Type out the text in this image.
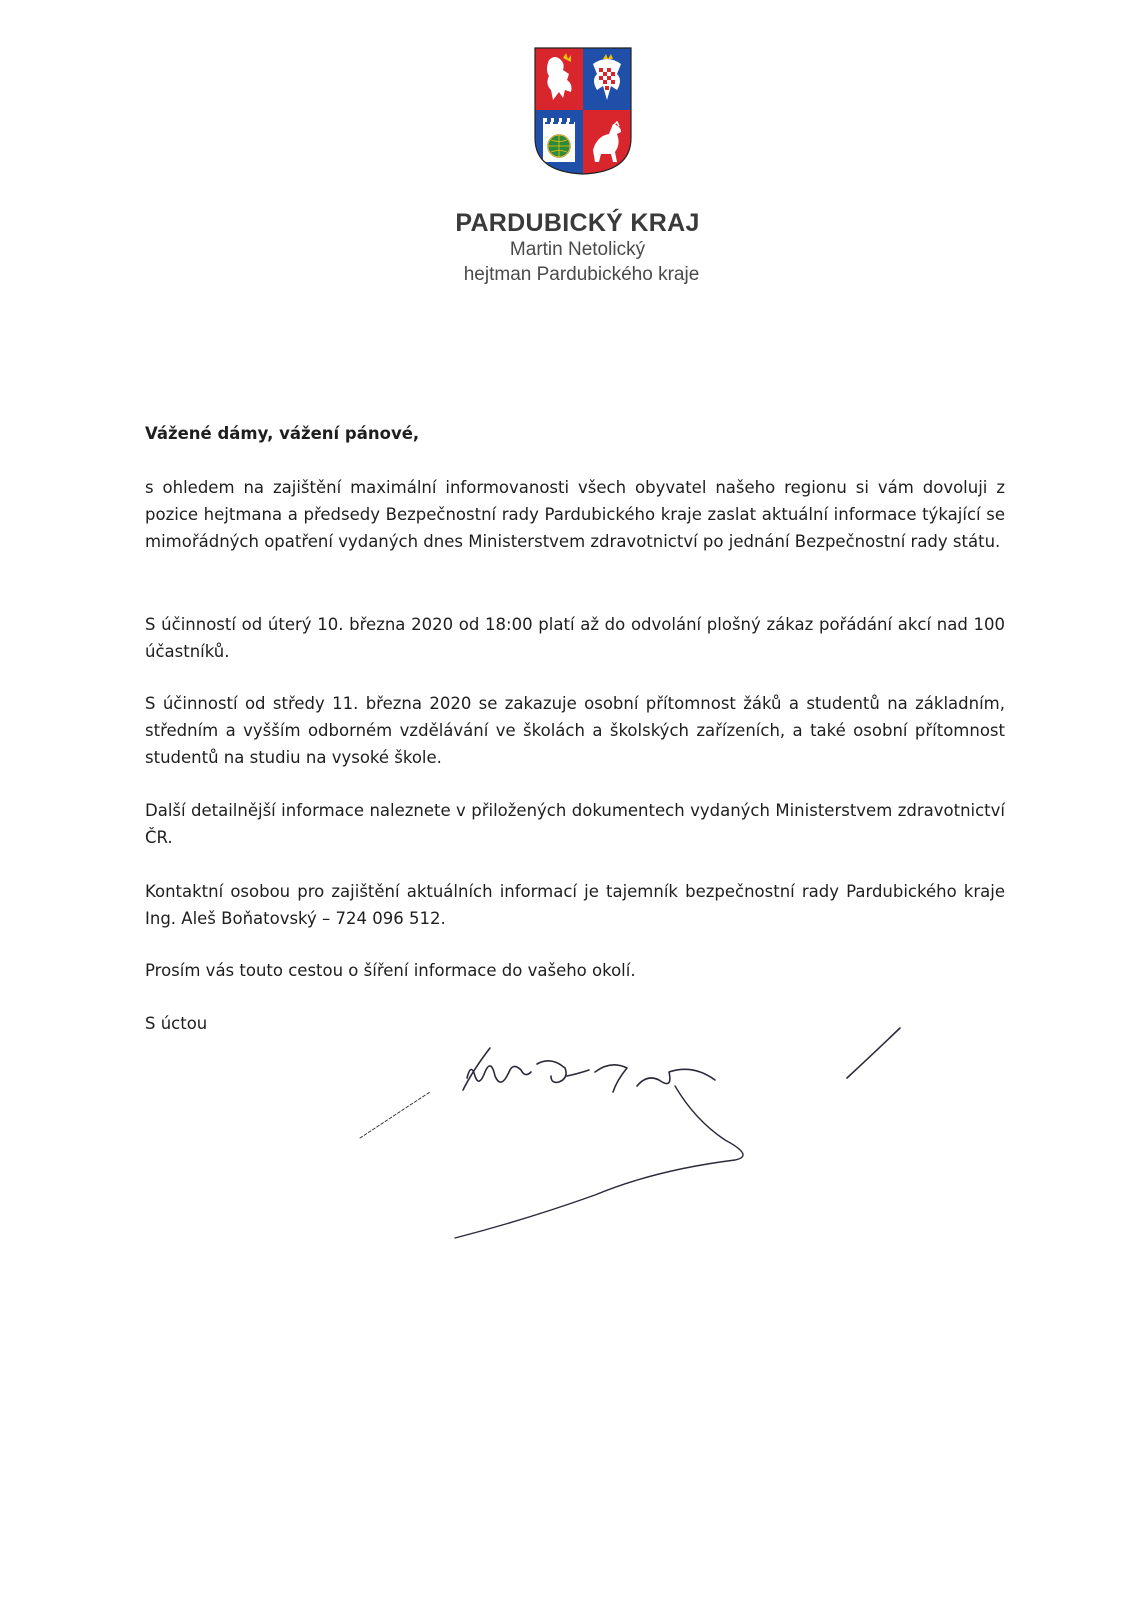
PARDUBICKÝ KRAJ
Martin Netolický
hejtman Pardubického kraje
Vážené dámy, vážení pánové,
s ohledem na zajištění maximální informovanosti všech obyvatel našeho regionu si vám dovoluji z pozice hejtmana a předsedy Bezpečnostní rady Pardubického kraje zaslat aktuální informace týkající se mimořádných opatření vydaných dnes Ministerstvem zdravotnictví po jednání Bezpečnostní rady státu.
S účinností od úterý 10. března 2020 od 18:00 platí až do odvolání plošný zákaz pořádání akcí nad 100 účastníků.
S účinností od středy 11. března 2020 se zakazuje osobní přítomnost žáků a studentů na základním, středním a vyšším odborném vzdělávání ve školách a školských zařízeních, a také osobní přítomnost studentů na studiu na vysoké škole.
Další detailnější informace naleznete v přiložených dokumentech vydaných Ministerstvem zdravotnictví ČR.
Kontaktní osobou pro zajištění aktuálních informací je tajemník bezpečnostní rady Pardubického kraje Ing. Aleš Boňatovský – 724 096 512.
Prosím vás touto cestou o šíření informace do vašeho okolí.
S úctou
